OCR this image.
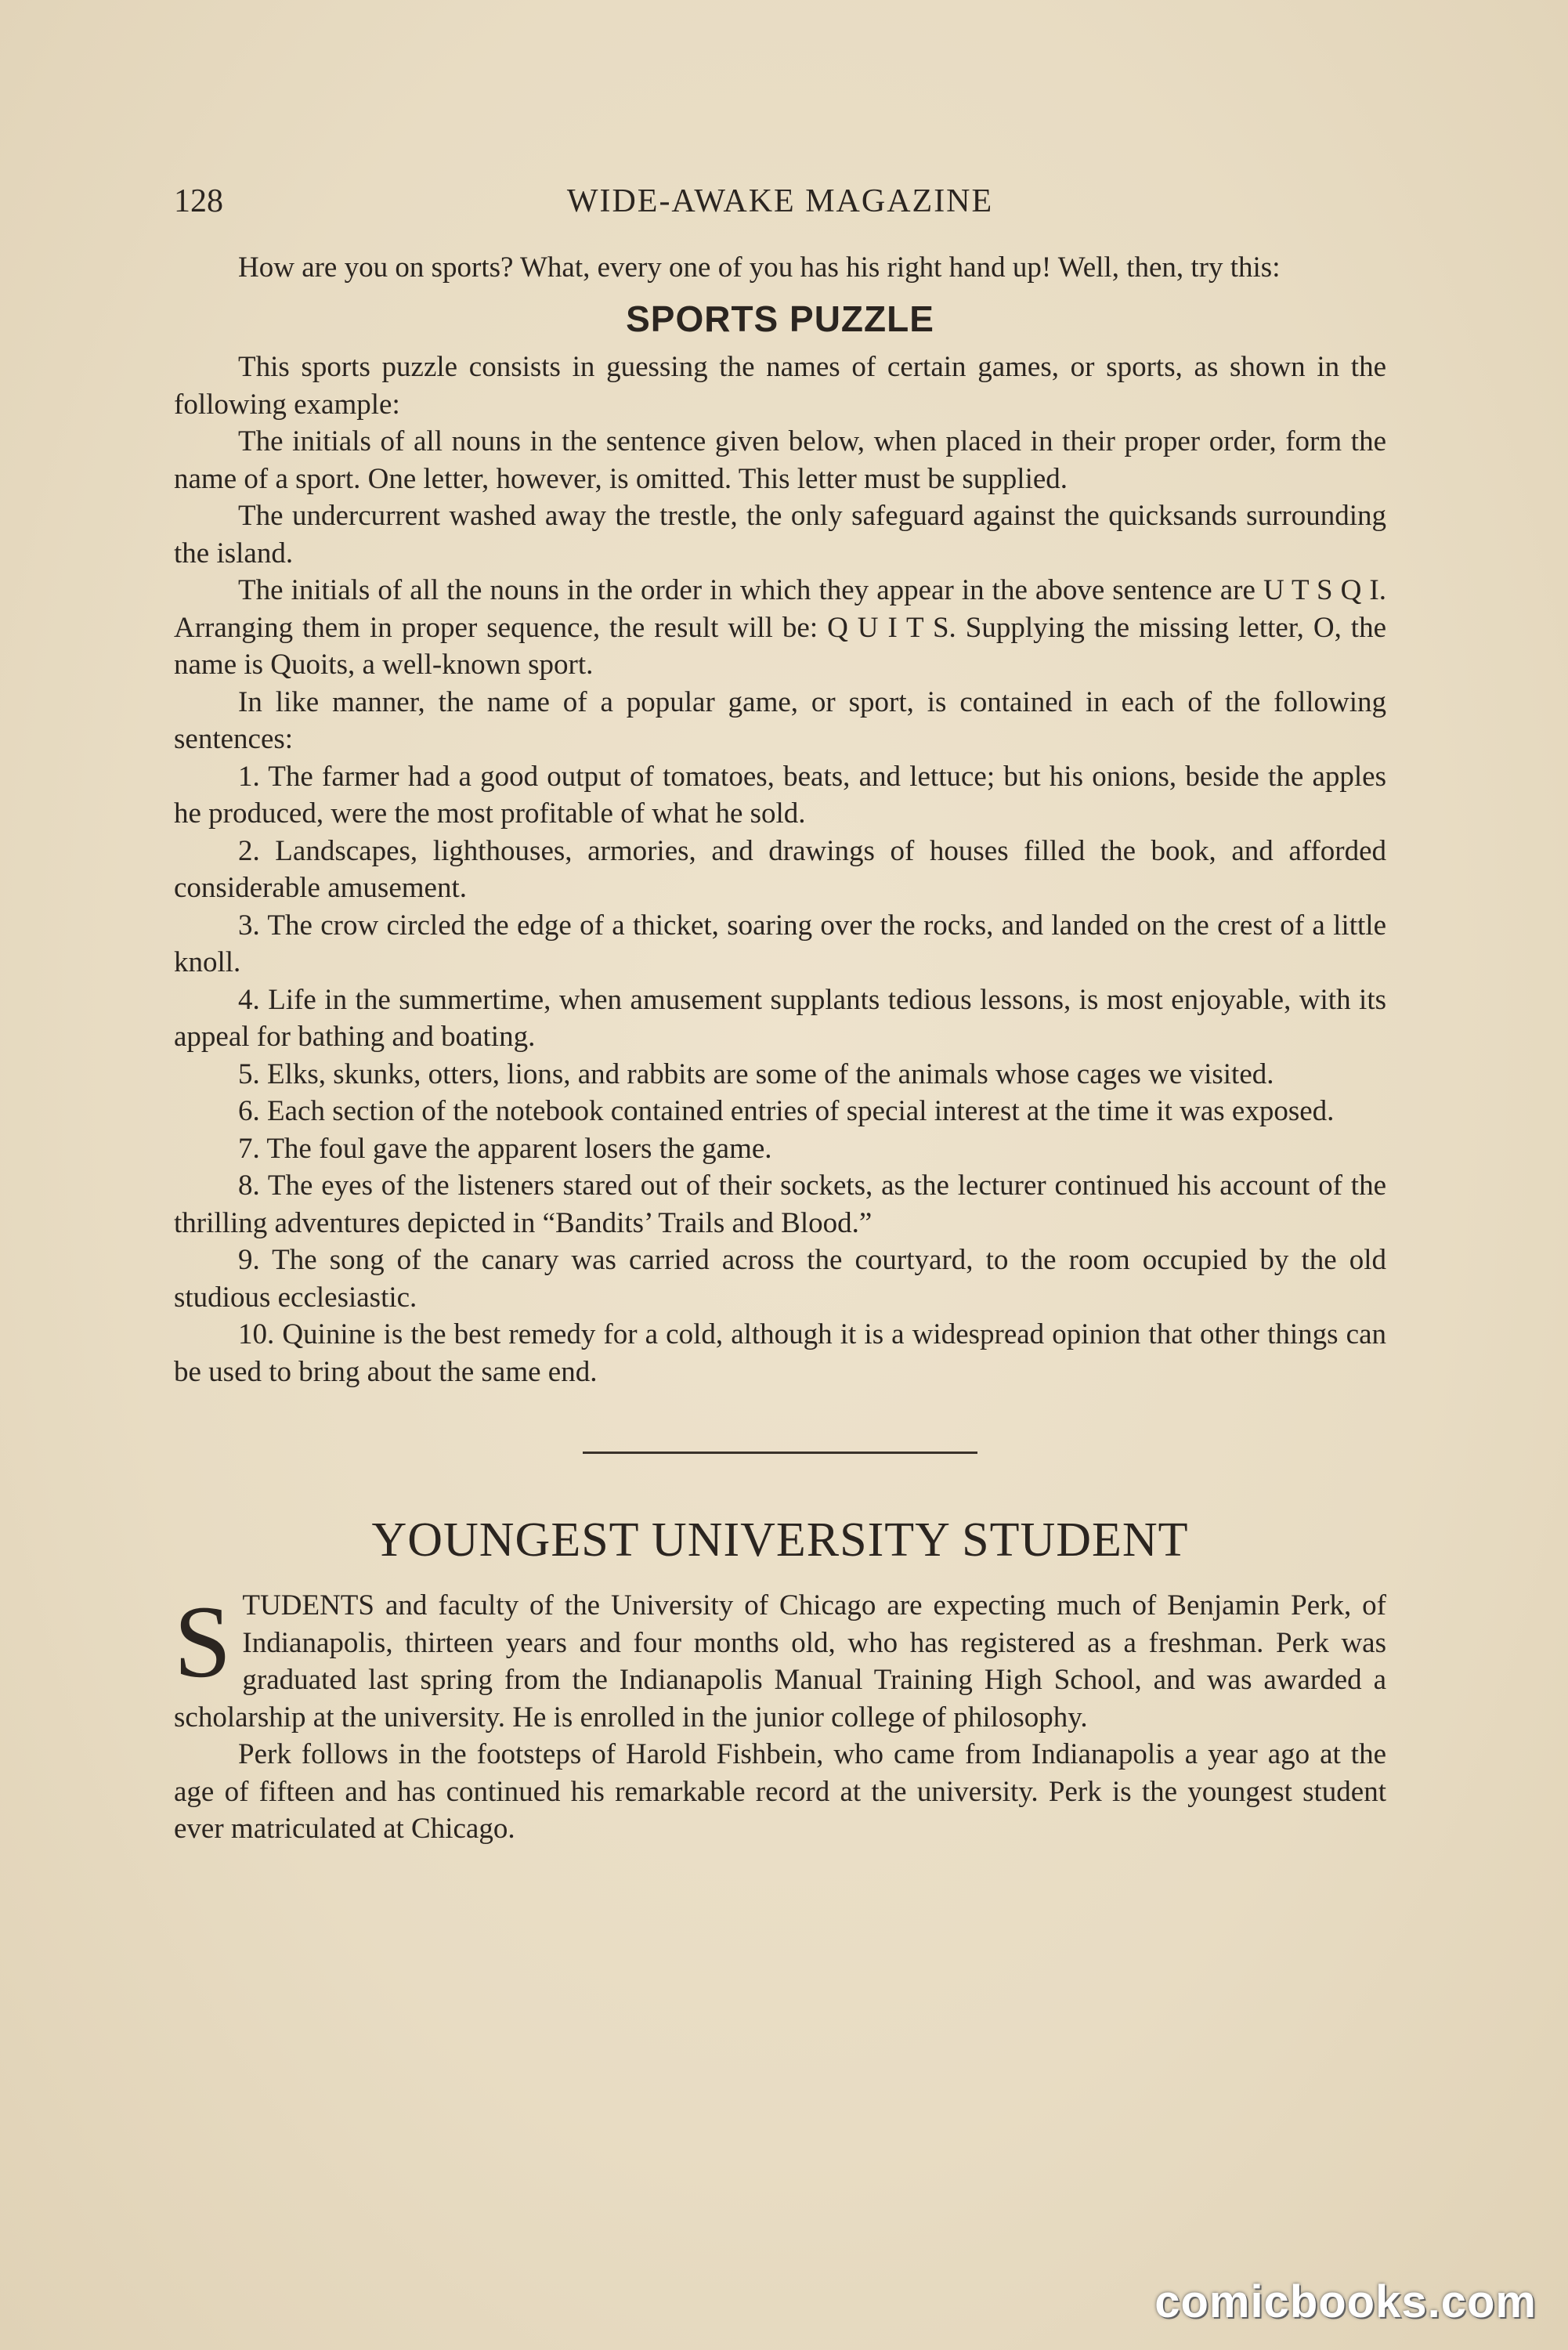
128	WIDE-AWAKE MAGAZINE

How are you on sports? What, every one of you has his right hand up! Well, then, try this:

SPORTS PUZZLE

This sports puzzle consists in guessing the names of certain games, or sports, as shown in the following example:

The initials of all nouns in the sentence given below, when placed in their proper order, form the name of a sport. One letter, however, is omitted. This letter must be supplied.

The undercurrent washed away the trestle, the only safeguard against the quicksands surrounding the island.

The initials of all the nouns in the order in which they appear in the above sentence are U T S Q I. Arranging them in proper sequence, the result will be: Q U I T S. Supplying the missing letter, O, the name is Quoits, a well-known sport.

In like manner, the name of a popular game, or sport, is contained in each of the following sentences:

1. The farmer had a good output of tomatoes, beats, and lettuce; but his onions, beside the apples he produced, were the most profitable of what he sold.

2. Landscapes, lighthouses, armories, and drawings of houses filled the book, and afforded considerable amusement.

3. The crow circled the edge of a thicket, soaring over the rocks, and landed on the crest of a little knoll.

4. Life in the summertime, when amusement supplants tedious lessons, is most enjoyable, with its appeal for bathing and boating.

5. Elks, skunks, otters, lions, and rabbits are some of the animals whose cages we visited.

6. Each section of the notebook contained entries of special interest at the time it was exposed.

7. The foul gave the apparent losers the game.

8. The eyes of the listeners stared out of their sockets, as the lecturer continued his account of the thrilling adventures depicted in “Bandits’ Trails and Blood.”

9. The song of the canary was carried across the courtyard, to the room occupied by the old studious ecclesiastic.

10. Quinine is the best remedy for a cold, although it is a widespread opinion that other things can be used to bring about the same end.

YOUNGEST UNIVERSITY STUDENT

STUDENTS and faculty of the University of Chicago are expecting much of Benjamin Perk, of Indianapolis, thirteen years and four months old, who has registered as a freshman. Perk was graduated last spring from the Indianapolis Manual Training High School, and was awarded a scholarship at the university. He is enrolled in the junior college of philosophy.

Perk follows in the footsteps of Harold Fishbein, who came from Indianapolis a year ago at the age of fifteen and has continued his remarkable record at the university. Perk is the youngest student ever matriculated at Chicago.

comicbooks.com
